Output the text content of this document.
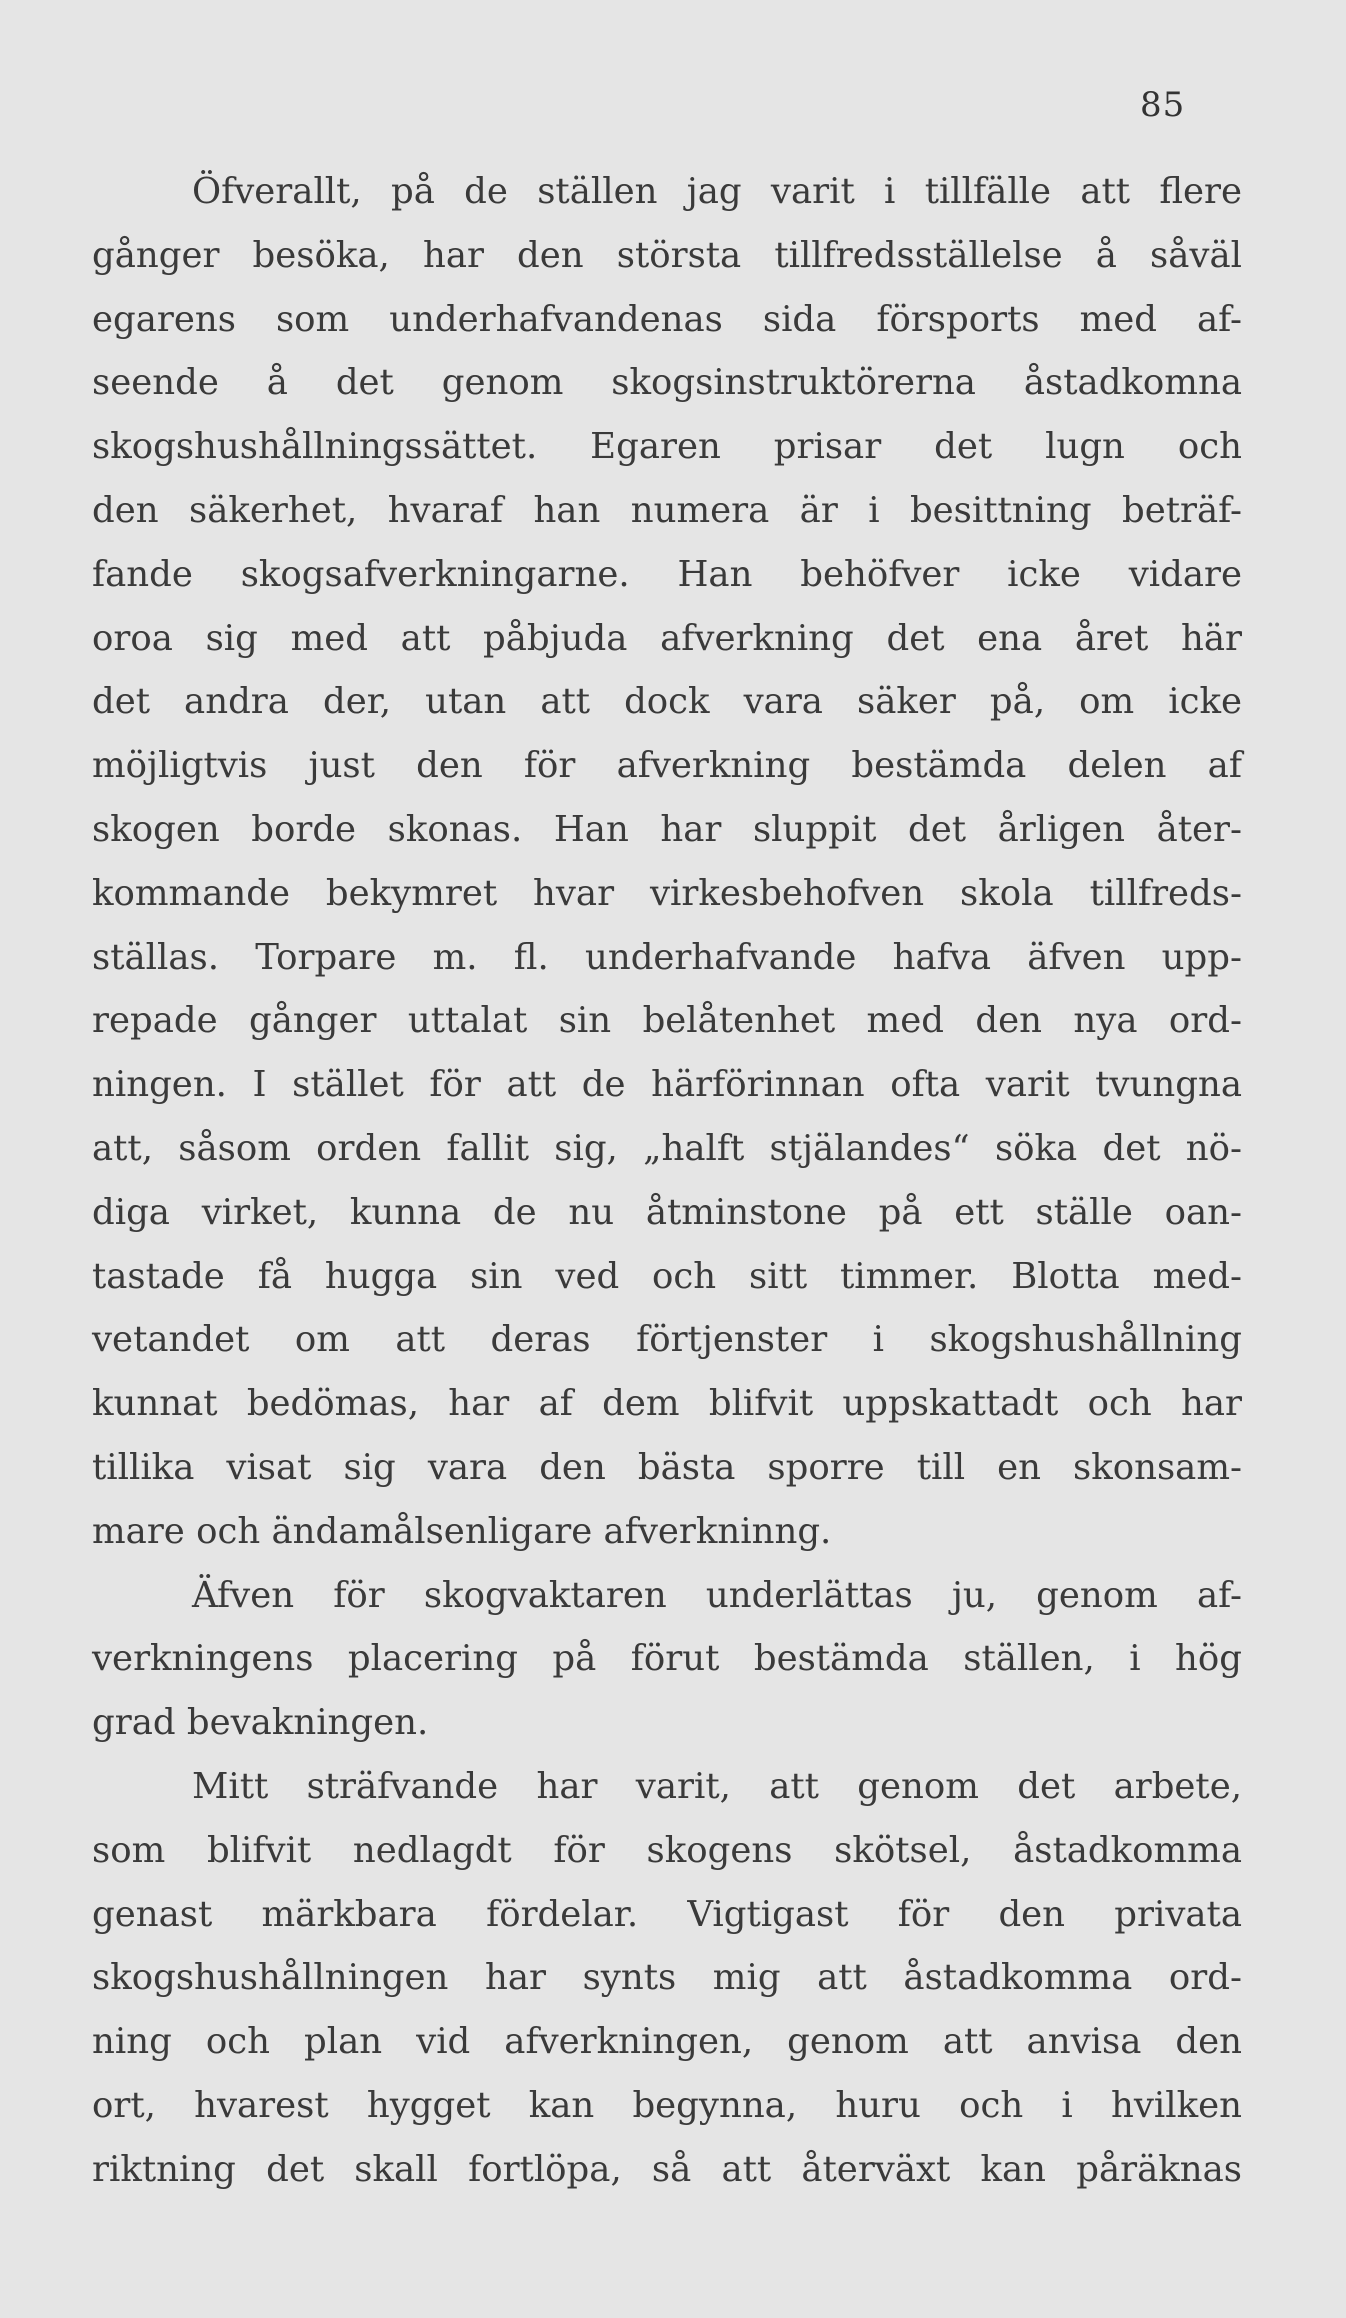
85
Öfverallt, på de ställen jag varit i tillfälle att flere
gånger besöka, har den största tillfredsställelse å såväl
egarens som underhafvandenas sida försports med af-
seende å det genom skogsinstruktörerna åstadkomna
skogshushållningssättet. Egaren prisar det lugn och
den säkerhet, hvaraf han numera är i besittning beträf-
fande skogsafverkningarne. Han behöfver icke vidare
oroa sig med att påbjuda afverkning det ena året här
det andra der, utan att dock vara säker på, om icke
möjligtvis just den för afverkning bestämda delen af
skogen borde skonas. Han har sluppit det årligen åter-
kommande bekymret hvar virkesbehofven skola tillfreds-
ställas. Torpare m. fl. underhafvande hafva äfven upp-
repade gånger uttalat sin belåtenhet med den nya ord-
ningen. I stället för att de härförinnan ofta varit tvungna
att, såsom orden fallit sig, „halft stjälandes“ söka det nö-
diga virket, kunna de nu åtminstone på ett ställe oan-
tastade få hugga sin ved och sitt timmer. Blotta med-
vetandet om att deras förtjenster i skogshushållning
kunnat bedömas, har af dem blifvit uppskattadt och har
tillika visat sig vara den bästa sporre till en skonsam-
mare och ändamålsenligare afverkninng.
Äfven för skogvaktaren underlättas ju, genom af-
verkningens placering på förut bestämda ställen, i hög
grad bevakningen.
Mitt sträfvande har varit, att genom det arbete,
som blifvit nedlagdt för skogens skötsel, åstadkomma
genast märkbara fördelar. Vigtigast för den privata
skogshushållningen har synts mig att åstadkomma ord-
ning och plan vid afverkningen, genom att anvisa den
ort, hvarest hygget kan begynna, huru och i hvilken
riktning det skall fortlöpa, så att återväxt kan påräknas
